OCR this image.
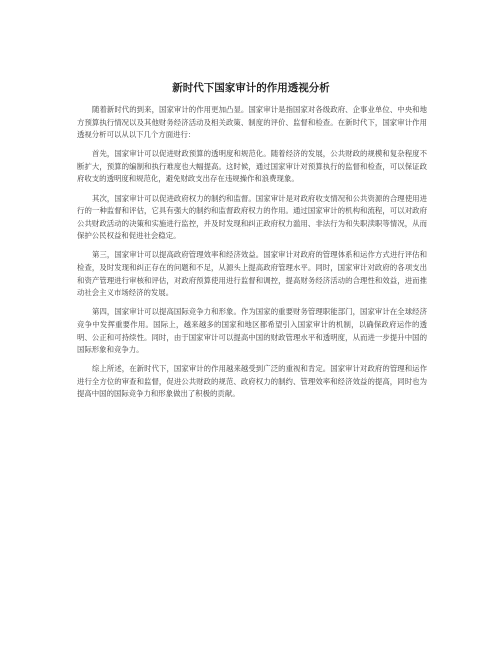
新时代下国家审计的作用透视分析

随着新时代的到来，国家审计的作用更加凸显。国家审计是指国家对各级政府、企事业单位、中央和地方预算执行情况以及其他财务经济活动及相关政策、制度的评价、监督和检查。在新时代下，国家审计作用透视分析可以从以下几个方面进行：

首先，国家审计可以促进财政预算的透明度和规范化。随着经济的发展，公共财政的规模和复杂程度不断扩大，预算的编制和执行难度也大幅提高。这时候，通过国家审计对预算执行的监督和检查，可以保证政府收支的透明度和规范化，避免财政支出存在违规操作和浪费现象。

其次，国家审计可以促进政府权力的制约和监督。国家审计是对政府收支情况和公共资源的合理使用进行的一种监督和评估，它具有强大的制约和监督政府权力的作用。通过国家审计的机构和流程，可以对政府公共财政活动的决策和实施进行监控，并及时发现和纠正政府权力滥用、非法行为和失职渎职等情况，从而保护公民权益和促进社会稳定。

第三，国家审计可以提高政府管理效率和经济效益。国家审计对政府的管理体系和运作方式进行评估和检查，及时发现和纠正存在的问题和不足，从源头上提高政府管理水平。同时，国家审计对政府的各项支出和资产管理进行审核和评估，对政府预算使用进行监督和调控，提高财务经济活动的合理性和效益，进而推动社会主义市场经济的发展。

第四，国家审计可以提高国际竞争力和形象。作为国家的重要财务管理职能部门，国家审计在全球经济竞争中发挥重要作用。国际上，越来越多的国家和地区都希望引入国家审计的机制，以确保政府运作的透明、公正和可持续性。同时，由于国家审计可以提高中国的财政管理水平和透明度，从而进一步提升中国的国际形象和竞争力。

综上所述，在新时代下，国家审计的作用越来越受到广泛的重视和肯定。国家审计对政府的管理和运作进行全方位的审查和监督，促进公共财政的规范、政府权力的制约、管理效率和经济效益的提高，同时也为提高中国的国际竞争力和形象做出了积极的贡献。
